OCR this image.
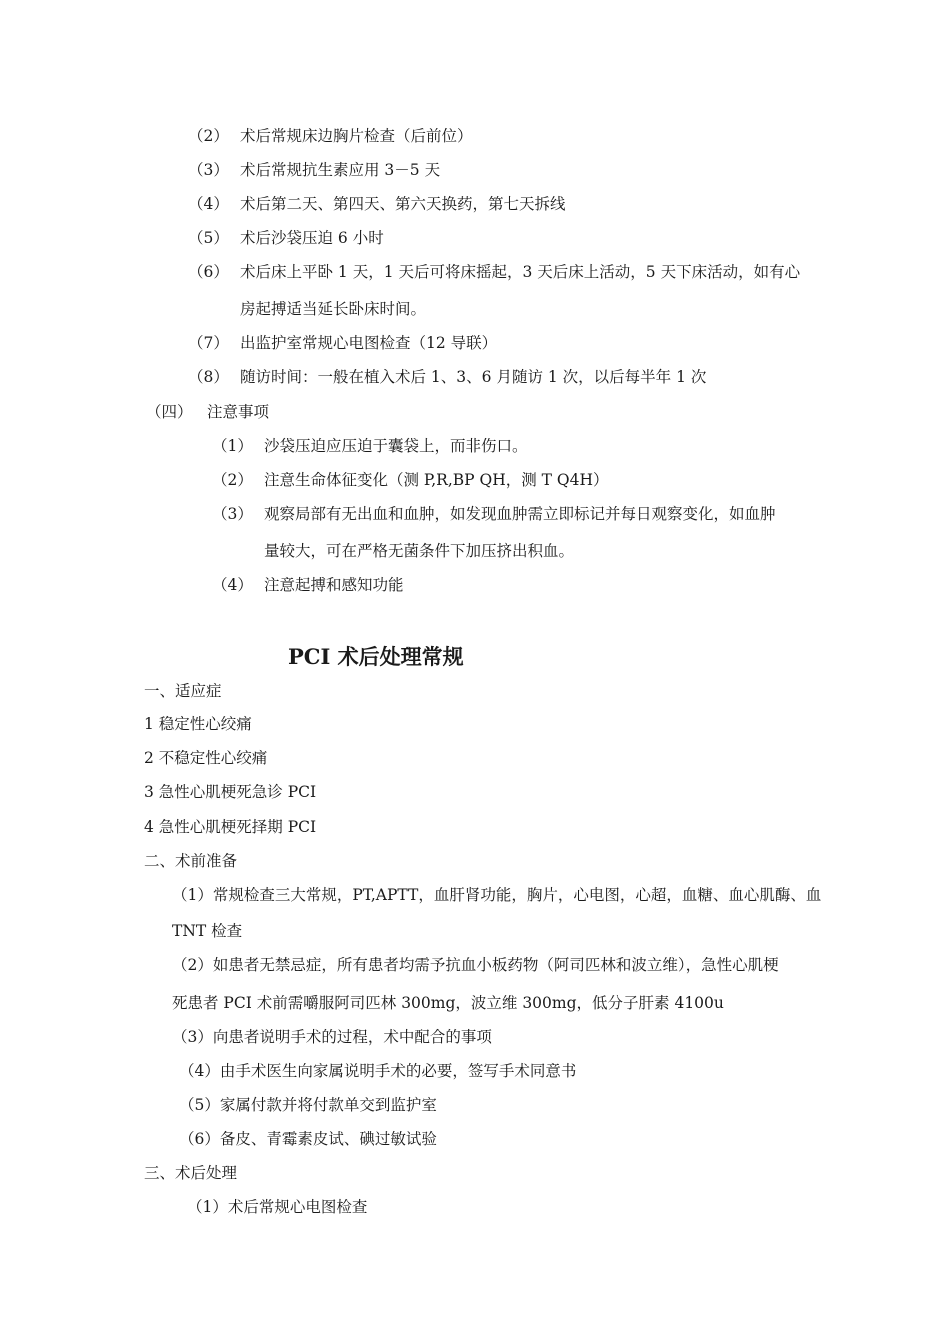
（2） 术后常规床边胸片检查（后前位）
（3） 术后常规抗生素应用 3－5 天
（4） 术后第二天、第四天、第六天换药，第七天拆线
（5） 术后沙袋压迫 6 小时
（6） 术后床上平卧 1 天，1 天后可将床摇起，3 天后床上活动，5 天下床活动，如有心
房起搏适当延长卧床时间。
（7） 出监护室常规心电图检查（12 导联）
（8） 随访时间：一般在植入术后 1、3、6 月随访 1 次，以后每半年 1 次
（四） 注意事项
（1） 沙袋压迫应压迫于囊袋上，而非伤口。
（2） 注意生命体征变化（测 P,R,BP QH，测 T Q4H）
（3） 观察局部有无出血和血肿，如发现血肿需立即标记并每日观察变化，如血肿
量较大，可在严格无菌条件下加压挤出积血。
（4） 注意起搏和感知功能
PCI 术后处理常规
一、适应症
1 稳定性心绞痛
2 不稳定性心绞痛
3 急性心肌梗死急诊 PCI
4 急性心肌梗死择期 PCI
二、术前准备
（1）常规检查三大常规，PT,APTT，血肝肾功能，胸片，心电图，心超，血糖、血心肌酶、血
TNT 检查
（2）如患者无禁忌症，所有患者均需予抗血小板药物（阿司匹林和波立维），急性心肌梗
死患者 PCI 术前需嚼服阿司匹林 300mg，波立维 300mg，低分子肝素 4100u
（3）向患者说明手术的过程，术中配合的事项
（4）由手术医生向家属说明手术的必要，签写手术同意书
（5）家属付款并将付款单交到监护室
（6）备皮、青霉素皮试、碘过敏试验
三、术后处理
（1）术后常规心电图检查
